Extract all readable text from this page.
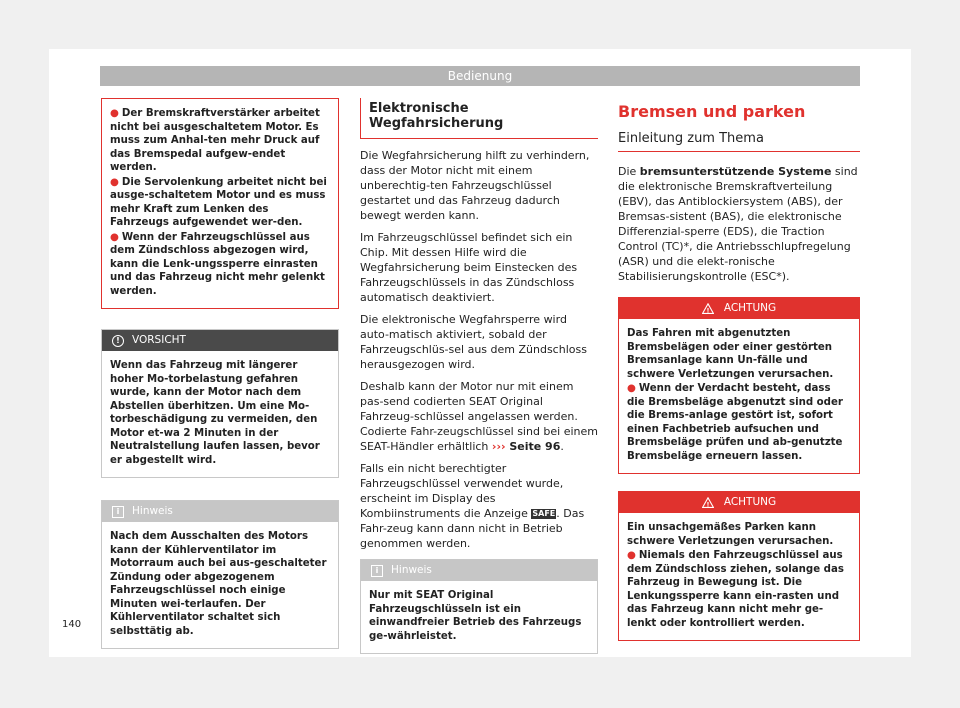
Bedienung

● Der Bremskraftverstärker arbeitet nicht bei ausgeschaltetem Motor. Es muss zum Anhal-ten mehr Druck auf das Bremspedal aufgew-endet werden.

● Die Servolenkung arbeitet nicht bei ausge-schaltetem Motor und es muss mehr Kraft zum Lenken des Fahrzeugs aufgewendet wer-den.

● Wenn der Fahrzeugschlüssel aus dem Zündschloss abgezogen wird, kann die Lenk-ungssperre einrasten und das Fahrzeug nicht mehr gelenkt werden.

!	VORSICHT

Wenn das Fahrzeug mit längerer hoher Mo-torbelastung gefahren wurde, kann der Motor nach dem Abstellen überhitzen. Um eine Mo-torbeschädigung zu vermeiden, den Motor et-wa 2 Minuten in der Neutralstellung laufen lassen, bevor er abgestellt wird.

i	Hinweis

Nach dem Ausschalten des Motors kann der Kühlerventilator im Motorraum auch bei aus-geschalteter Zündung oder abgezogenem Fahrzeugschlüssel noch einige Minuten wei-terlaufen. Der Kühlerventilator schaltet sich selbsttätig ab.

Elektronische Wegfahrsicherung

Die Wegfahrsicherung hilft zu verhindern, dass der Motor nicht mit einem unberechtig-ten Fahrzeugschlüssel gestartet und das Fahrzeug dadurch bewegt werden kann.

Im Fahrzeugschlüssel befindet sich ein Chip. Mit dessen Hilfe wird die Wegfahrsicherung beim Einstecken des Fahrzeugschlüssels in das Zündschloss automatisch deaktiviert.

Die elektronische Wegfahrsperre wird auto-matisch aktiviert, sobald der Fahrzeugschlüs-sel aus dem Zündschloss herausgezogen wird.

Deshalb kann der Motor nur mit einem pas-send codierten SEAT Original Fahrzeug-schlüssel angelassen werden. Codierte Fahr-zeugschlüssel sind bei einem SEAT-Händler erhältlich ››› Seite 96.

Falls ein nicht berechtigter Fahrzeugschlüssel verwendet wurde, erscheint im Display des Kombiinstruments die Anzeige SAFE. Das Fahr-zeug kann dann nicht in Betrieb genommen werden.

i	Hinweis

Nur mit SEAT Original Fahrzeugschlüsseln ist ein einwandfreier Betrieb des Fahrzeugs ge-währleistet.

Bremsen und parken
Einleitung zum Thema

Die bremsunterstützende Systeme sind die elektronische Bremskraftverteilung (EBV), das Antiblockiersystem (ABS), der Bremsas-sistent (BAS), die elektronische Differenzial-sperre (EDS), die Traction Control (TC)*, die Antriebsschlupfregelung (ASR) und die elekt-ronische Stabilisierungskontrolle (ESC*).

! ACHTUNG

Das Fahren mit abgenutzten Bremsbelägen oder einer gestörten Bremsanlage kann Un-fälle und schwere Verletzungen verursachen.

● Wenn der Verdacht besteht, dass die Bremsbeläge abgenutzt sind oder die Brems-anlage gestört ist, sofort einen Fachbetrieb aufsuchen und Bremsbeläge prüfen und ab-genutzte Bremsbeläge erneuern lassen.

! ACHTUNG

Ein unsachgemäßes Parken kann schwere Verletzungen verursachen.

● Niemals den Fahrzeugschlüssel aus dem Zündschloss ziehen, solange das Fahrzeug in Bewegung ist. Die Lenkungssperre kann ein-rasten und das Fahrzeug kann nicht mehr ge-lenkt oder kontrolliert werden.

140
